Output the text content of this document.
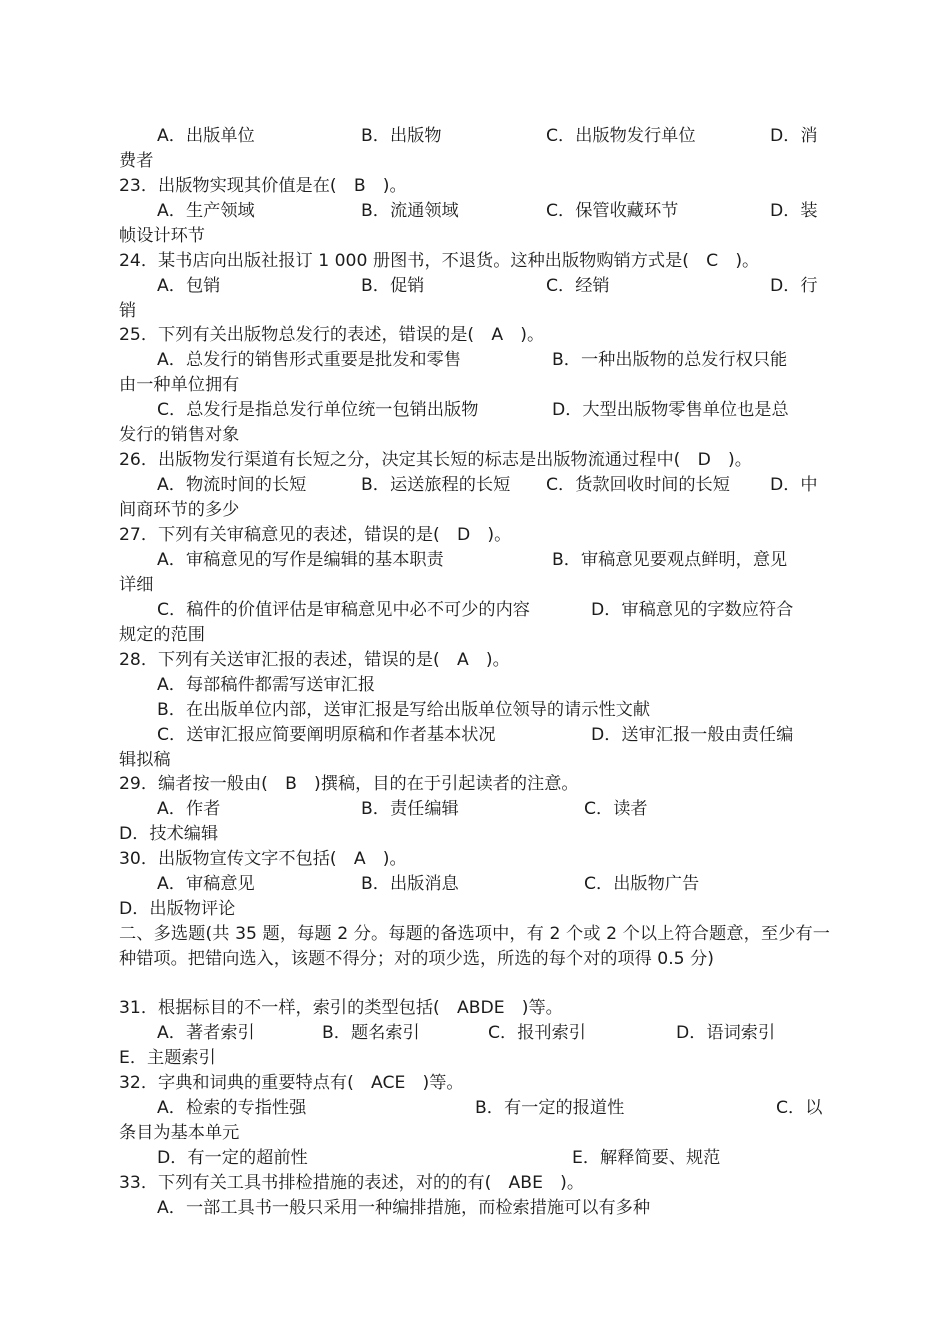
A．出版单位

	B．出版物

	C．出版物发行单位

	D．消

费者
23．出版物实现其价值是在(　B　)。

A．生产领域

	B．流通领域

	C．保管收藏环节

	D．装

帧设计环节
24．某书店向出版社报订 1 000 册图书，不退货。这种出版物购销方式是(　C　)。

A．包销

	B．促销

	C．经销

	D．行

销
25．下列有关出版物总发行的表述，错误的是(　A　)。

A．总发行的销售形式重要是批发和零售

	B．一种出版物的总发行权只能

由一种单位拥有

C．总发行是指总发行单位统一包销出版物

	D．大型出版物零售单位也是总

发行的销售对象
26．出版物发行渠道有长短之分，决定其长短的标志是出版物流通过程中(　D　)。

A．物流时间的长短

	B．运送旅程的长短

C．货款回收时间的长短

D．中

间商环节的多少
27．下列有关审稿意见的表述，错误的是(　D　)。

A．审稿意见的写作是编辑的基本职责

	B．审稿意见要观点鲜明，意见

详细

C．稿件的价值评估是审稿意见中必不可少的内容

	D．审稿意见的字数应符合

规定的范围
28．下列有关送审汇报的表述，错误的是(　A　)。

A．每部稿件都需写送审汇报

B．在出版单位内部，送审汇报是写给出版单位领导的请示性文献

C．送审汇报应简要阐明原稿和作者基本状况

	D．送审汇报一般由责任编

辑拟稿
29．编者按一般由(　B　)撰稿，目的在于引起读者的注意。

A．作者

	B．责任编辑

	C．读者

D．技术编辑
30．出版物宣传文字不包括(　A　)。

A．审稿意见

	B．出版消息

	C．出版物广告

D．出版物评论
二、多选题(共 35 题，每题 2 分。每题的备选项中，有 2 个或 2 个以上符合题意，至少有一种错项。把错向选入，该题不得分；对的项少选，所选的每个对的项得 0.5 分)
31．根据标目的不一样，索引的类型包括(　ABDE　)等。

A．著者索引

	B．题名索引

	C．报刊索引

	D．语词索引

E．主题索引
32．字典和词典的重要特点有(　ACE　)等。

A．检索的专指性强

	B．有一定的报道性

	C．以

条目为基本单元

D．有一定的超前性

	E．解释简要、规范

33．下列有关工具书排检措施的表述，对的的有(　ABE　)。

A．一部工具书一般只采用一种编排措施，而检索措施可以有多种
